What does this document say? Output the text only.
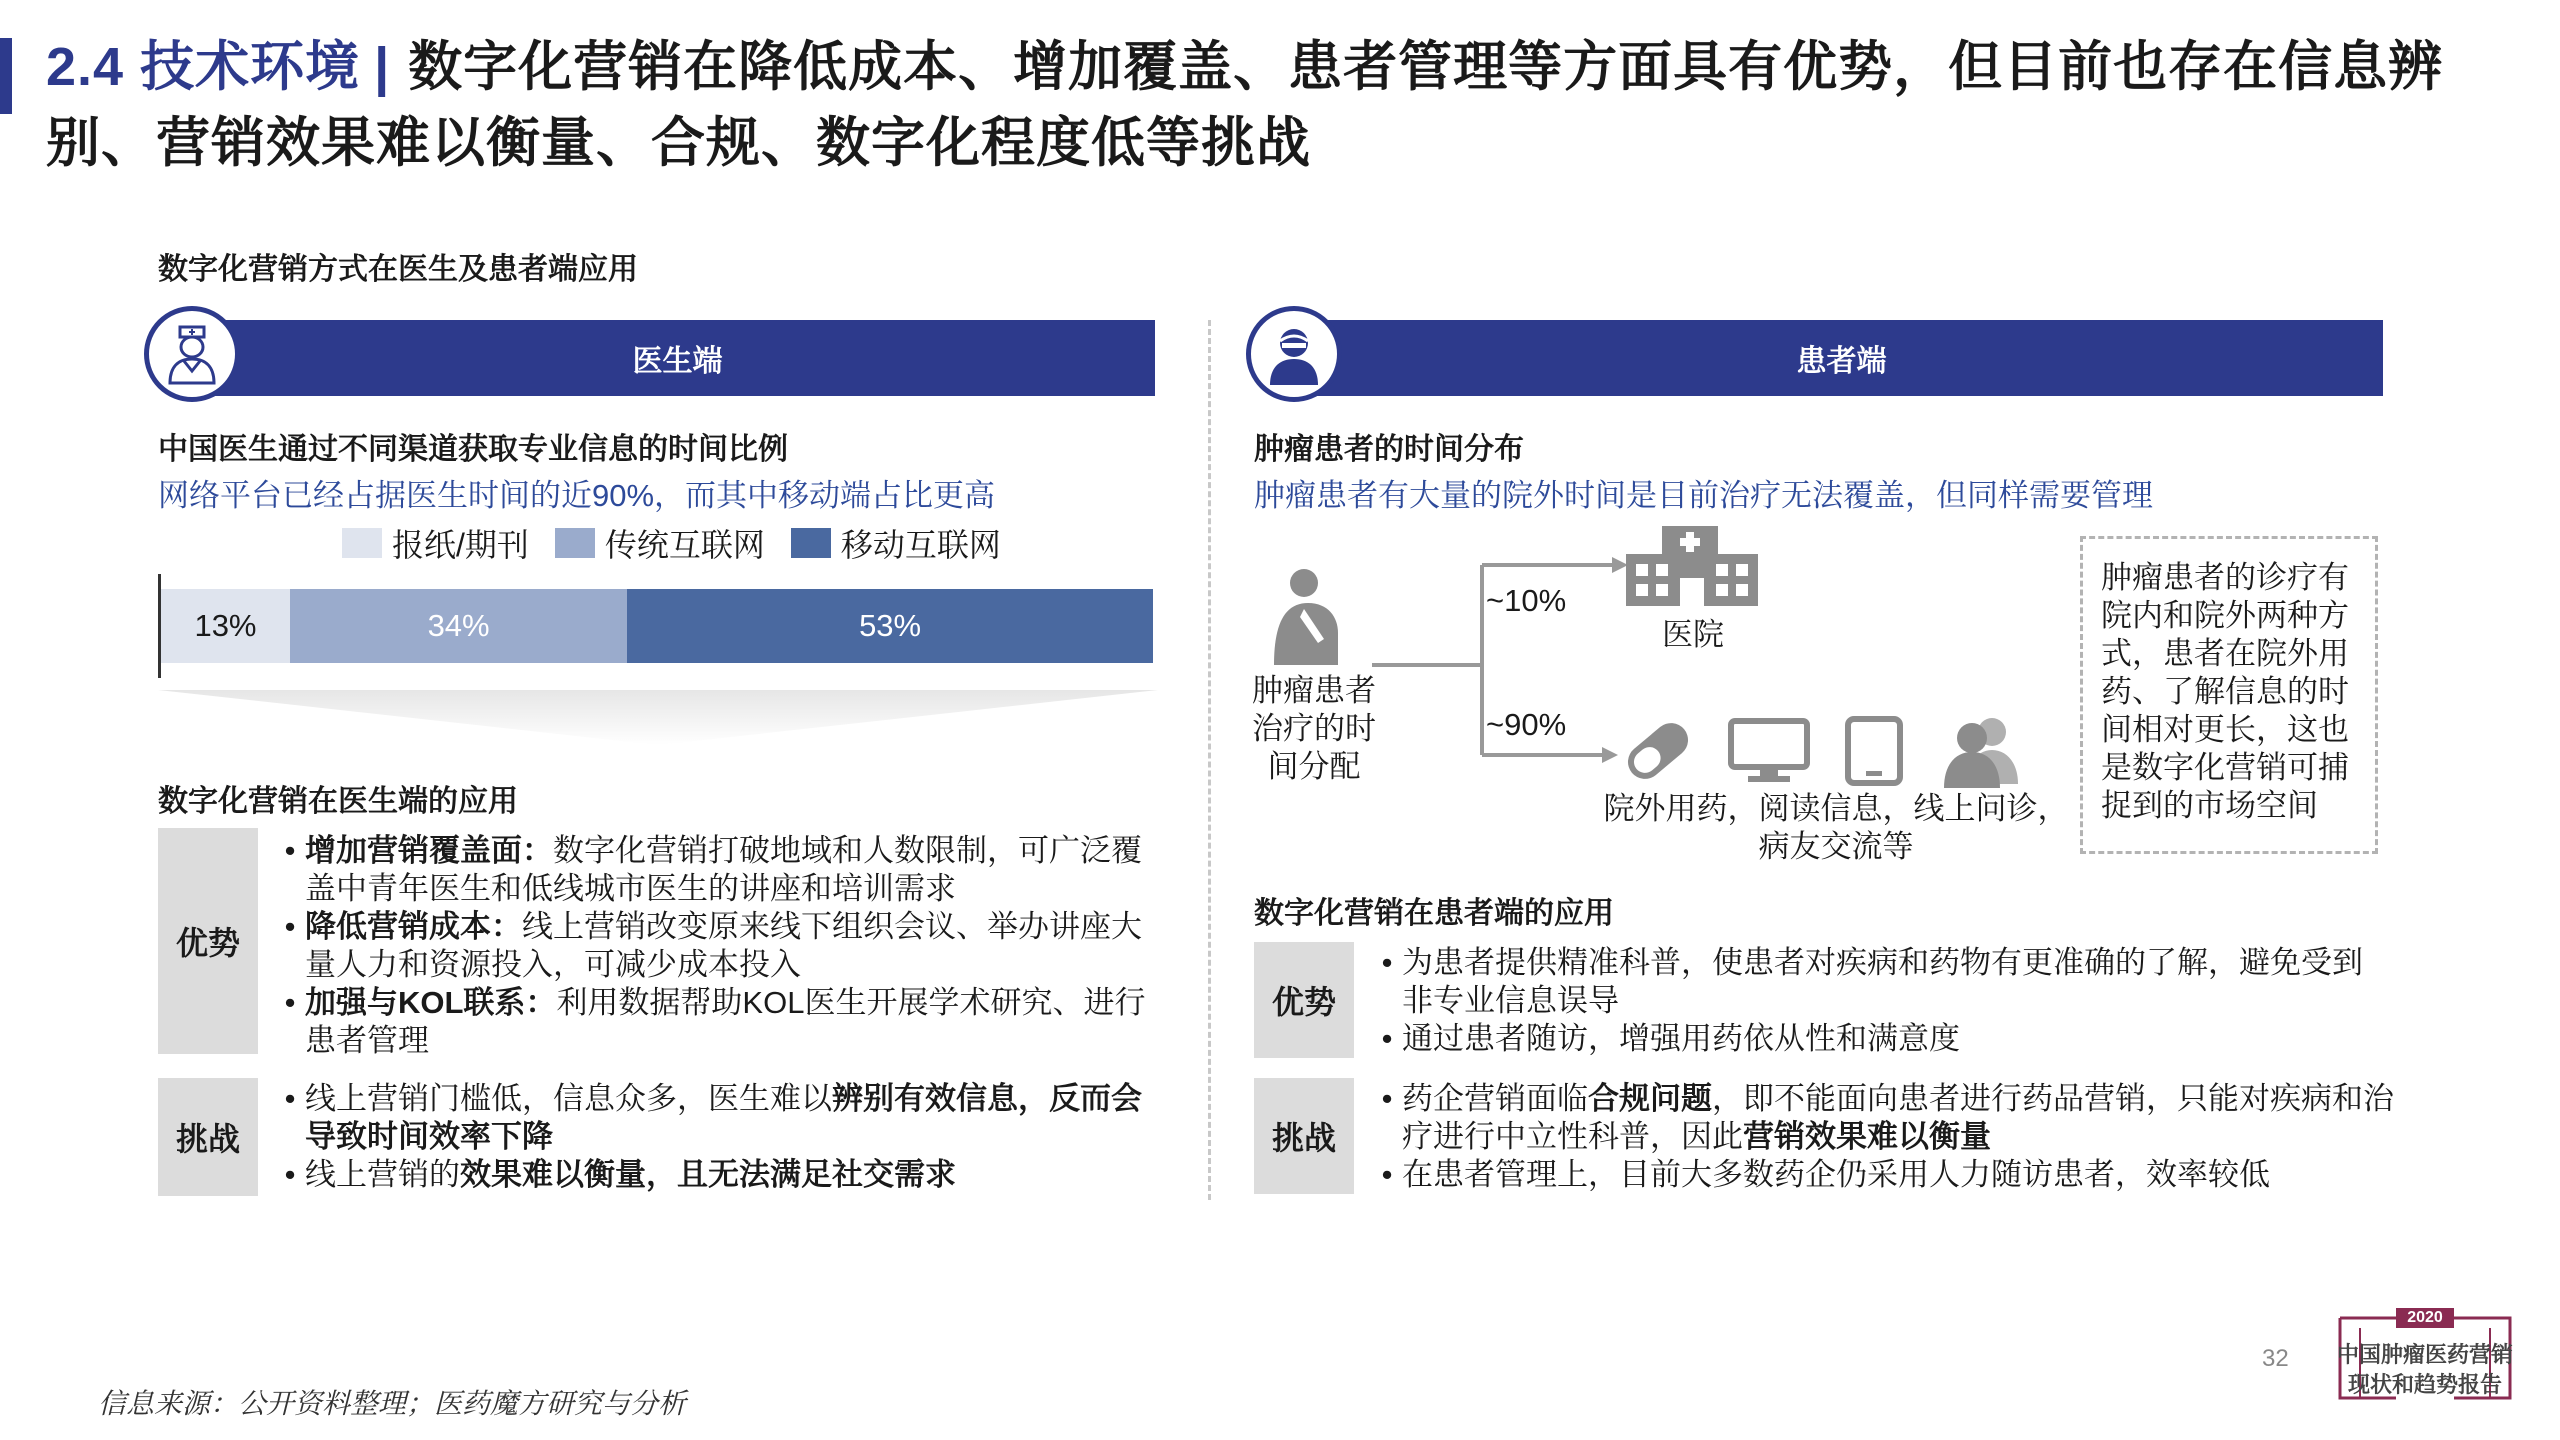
2.4 技术环境 | 数字化营销在降低成本、增加覆盖、患者管理等方面具有优势，但目前也存在信息辨别、营销效果难以衡量、合规、数字化程度低等挑战
数字化营销方式在医生及患者端应用
医生端
中国医生通过不同渠道获取专业信息的时间比例
网络平台已经占据医生时间的近90%，而其中移动端占比更高
报纸/期刊 传统互联网 移动互联网
13%	34%	53%
数字化营销在医生端的应用
优势
• 增加营销覆盖面：数字化营销打破地域和人数限制，可广泛覆盖中青年医生和低线城市医生的讲座和培训需求
• 降低营销成本：线上营销改变原来线下组织会议、举办讲座大量人力和资源投入，可减少成本投入
• 加强与KOL联系：利用数据帮助KOL医生开展学术研究、进行患者管理
挑战
• 线上营销门槛低，信息众多，医生难以辨别有效信息，反而会导致时间效率下降
• 线上营销的效果难以衡量，且无法满足社交需求
患者端
肿瘤患者的时间分布
肿瘤患者有大量的院外时间是目前治疗无法覆盖，但同样需要管理
肿瘤患者治疗的时间分配
~10%
~90%
医院
院外用药，阅读信息，线上问诊，病友交流等
肿瘤患者的诊疗有院内和院外两种方式，患者在院外用药、了解信息的时间相对更长，这也是数字化营销可捕捉到的市场空间
数字化营销在患者端的应用
优势
• 为患者提供精准科普，使患者对疾病和药物有更准确的了解，避免受到非专业信息误导
• 通过患者随访，增强用药依从性和满意度
挑战
• 药企营销面临合规问题，即不能面向患者进行药品营销，只能对疾病和治疗进行中立性科普，因此营销效果难以衡量
• 在患者管理上，目前大多数药企仍采用人力随访患者，效率较低
信息来源：公开资料整理；医药魔方研究与分析
32
2020
中国肿瘤医药营销
现状和趋势报告
